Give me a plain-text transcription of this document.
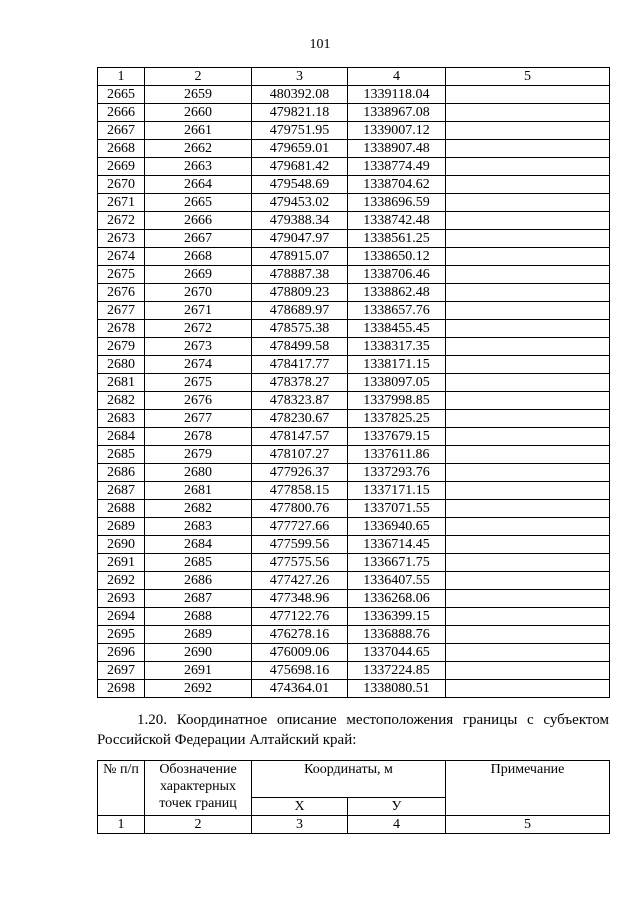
101
1	2	3	4	5
2665	2659	480392.08	1339118.04	
2666	2660	479821.18	1338967.08	
2667	2661	479751.95	1339007.12	
2668	2662	479659.01	1338907.48	
2669	2663	479681.42	1338774.49	
2670	2664	479548.69	1338704.62	
2671	2665	479453.02	1338696.59	
2672	2666	479388.34	1338742.48	
2673	2667	479047.97	1338561.25	
2674	2668	478915.07	1338650.12	
2675	2669	478887.38	1338706.46	
2676	2670	478809.23	1338862.48	
2677	2671	478689.97	1338657.76	
2678	2672	478575.38	1338455.45	
2679	2673	478499.58	1338317.35	
2680	2674	478417.77	1338171.15	
2681	2675	478378.27	1338097.05	
2682	2676	478323.87	1337998.85	
2683	2677	478230.67	1337825.25	
2684	2678	478147.57	1337679.15	
2685	2679	478107.27	1337611.86	
2686	2680	477926.37	1337293.76	
2687	2681	477858.15	1337171.15	
2688	2682	477800.76	1337071.55	
2689	2683	477727.66	1336940.65	
2690	2684	477599.56	1336714.45	
2691	2685	477575.56	1336671.75	
2692	2686	477427.26	1336407.55	
2693	2687	477348.96	1336268.06	
2694	2688	477122.76	1336399.15	
2695	2689	476278.16	1336888.76	
2696	2690	476009.06	1337044.65	
2697	2691	475698.16	1337224.85	
2698	2692	474364.01	1338080.51	
1.20. Координатное описание местоположения границы с субъектом Российской Федерации Алтайский край:
№ п/п	Обозначение характерных точек границ	Координаты, м		Примечание
		X	У	
1	2	3	4	5
